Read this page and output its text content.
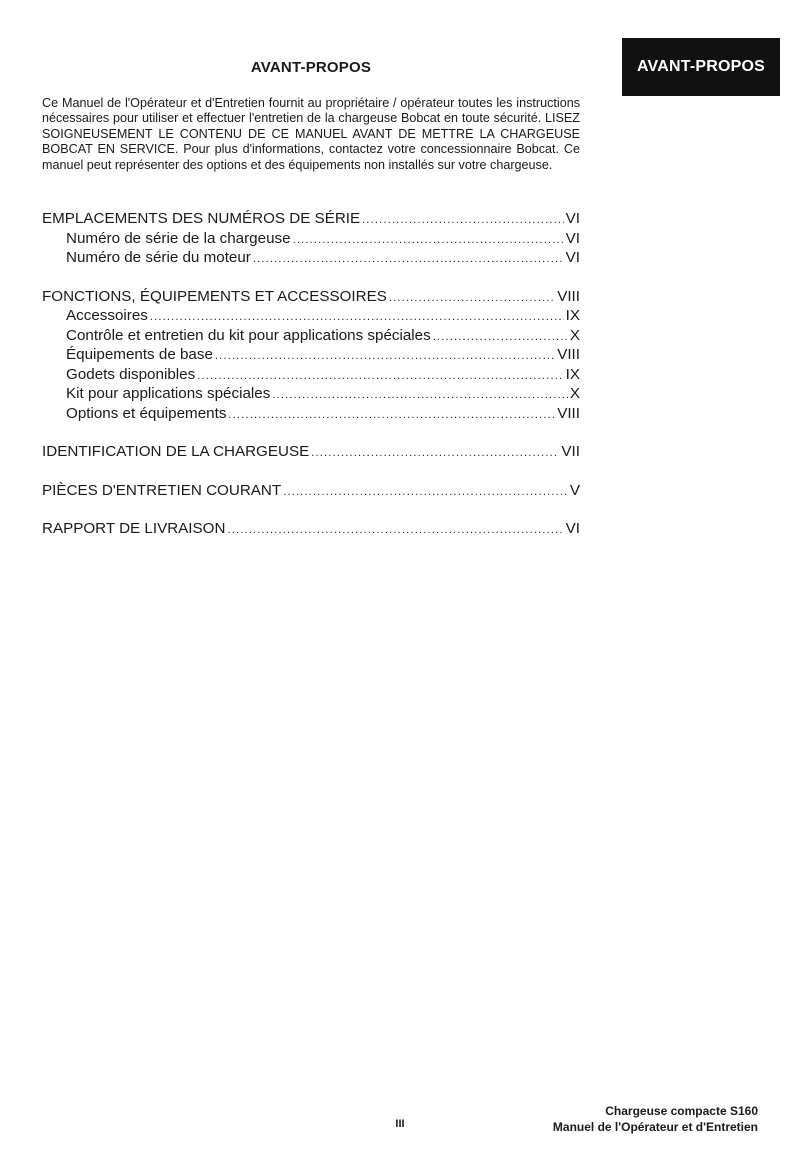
AVANT-PROPOS
AVANT-PROPOS

Ce Manuel de l'Opérateur et d'Entretien fournit au propriétaire / opérateur toutes les instructions nécessaires pour utiliser et effectuer l'entretien de la chargeuse Bobcat en toute sécurité. LISEZ SOIGNEUSEMENT LE CONTENU DE CE MANUEL AVANT DE METTRE LA CHARGEUSE BOBCAT EN SERVICE. Pour plus d'informations, contactez votre concessionnaire Bobcat. Ce manuel peut représenter des options et des équipements non installés sur votre chargeuse.

EMPLACEMENTS DES NUMÉROS DE SÉRIE .....	VI
Numéro de série de la chargeuse .....	VI
Numéro de série du moteur .....	VI
FONCTIONS, ÉQUIPEMENTS ET ACCESSOIRES .....	VIII
Accessoires .....	IX
Contrôle et entretien du kit pour applications spéciales .....	X
Équipements de base .....	VIII
Godets disponibles .....	IX
Kit pour applications spéciales .....	X
Options et équipements .....	VIII
IDENTIFICATION DE LA CHARGEUSE .....	VII
PIÈCES D'ENTRETIEN COURANT .....	V
RAPPORT DE LIVRAISON .....	VI
III
Chargeuse compacte S160
Manuel de l'Opérateur et d'Entretien
